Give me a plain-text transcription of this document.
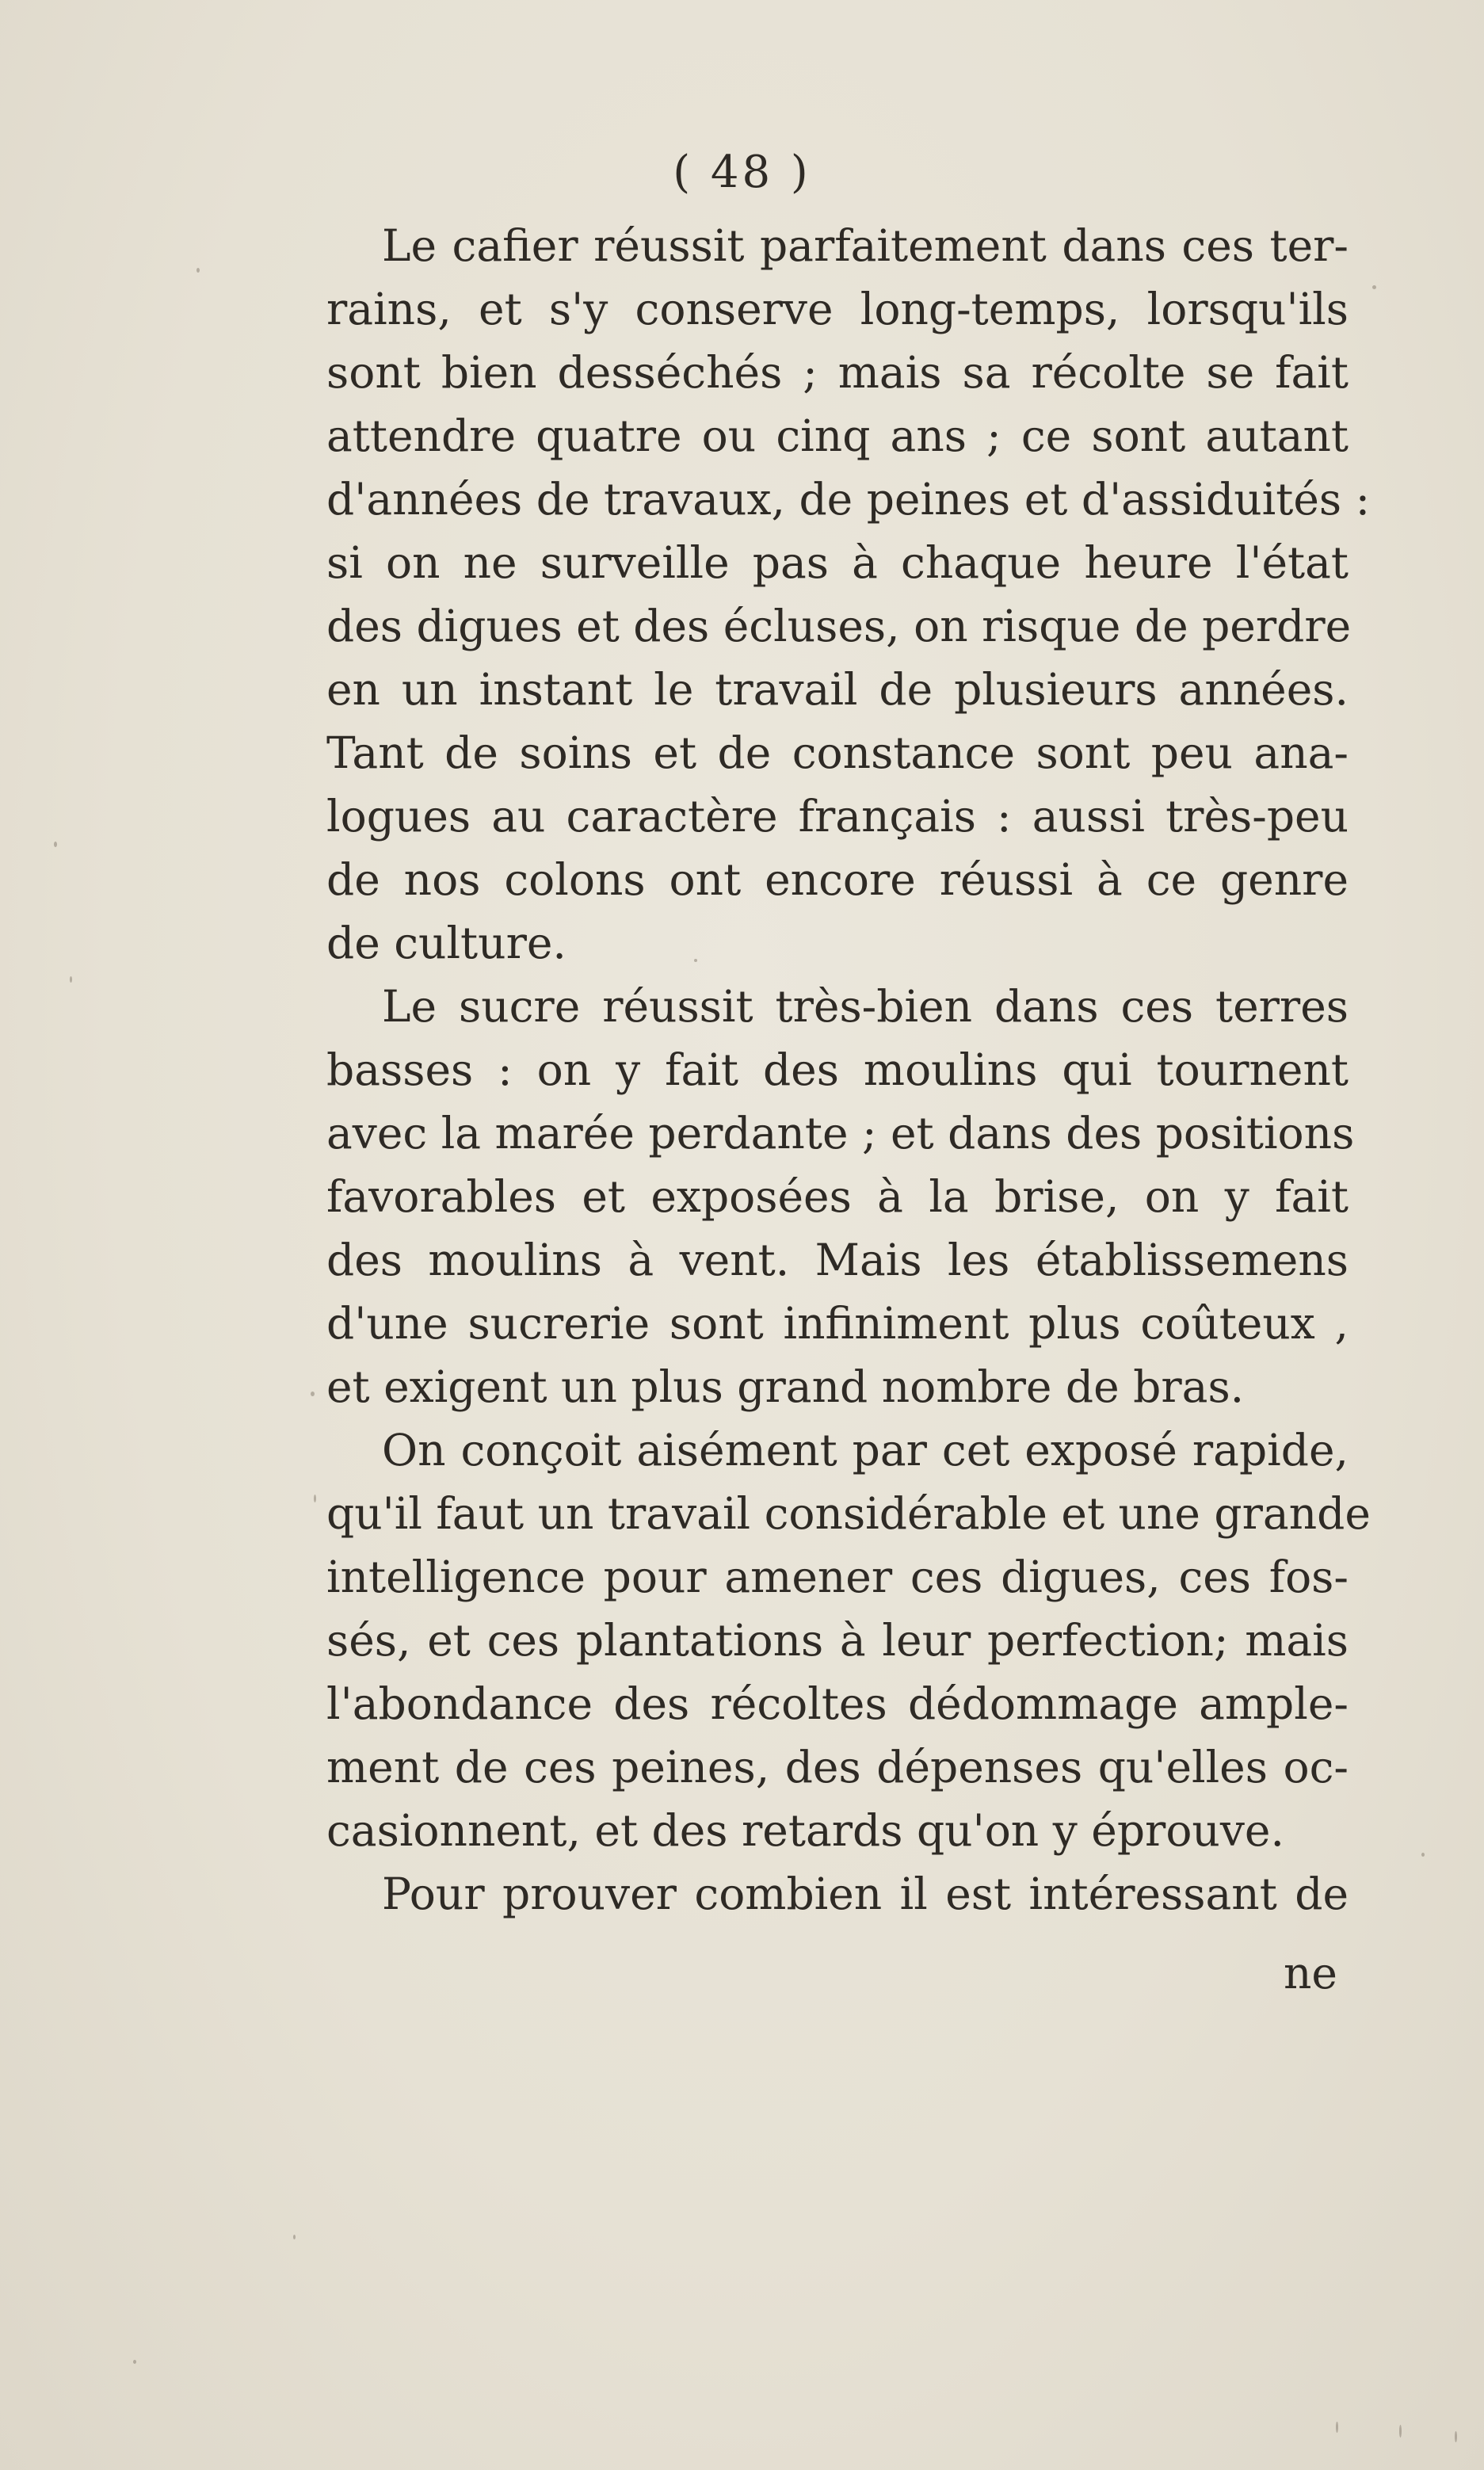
( 48 )
Le cafier réussit parfaitement dans ces ter-
rains, et s'y conserve long-temps, lorsqu'ils
sont bien desséchés ; mais sa récolte se fait
attendre quatre ou cinq ans ; ce sont autant
d'années de travaux, de peines et d'assiduités :
si on ne surveille pas à chaque heure l'état
des digues et des écluses, on risque de perdre
en un instant le travail de plusieurs années.
Tant de soins et de constance sont peu ana-
logues au caractère français : aussi très-peu
de nos colons ont encore réussi à ce genre
de culture.
Le sucre réussit très-bien dans ces terres
basses : on y fait des moulins qui tournent
avec la marée perdante ; et dans des positions
favorables et exposées à la brise, on y fait
des moulins à vent. Mais les établissemens
d'une sucrerie sont infiniment plus coûteux ,
et exigent un plus grand nombre de bras.
On conçoit aisément par cet exposé rapide,
qu'il faut un travail considérable et une grande
intelligence pour amener ces digues, ces fos-
sés, et ces plantations à leur perfection; mais
l'abondance des récoltes dédommage ample-
ment de ces peines, des dépenses qu'elles oc-
casionnent, et des retards qu'on y éprouve.
Pour prouver combien il est intéressant de
ne
